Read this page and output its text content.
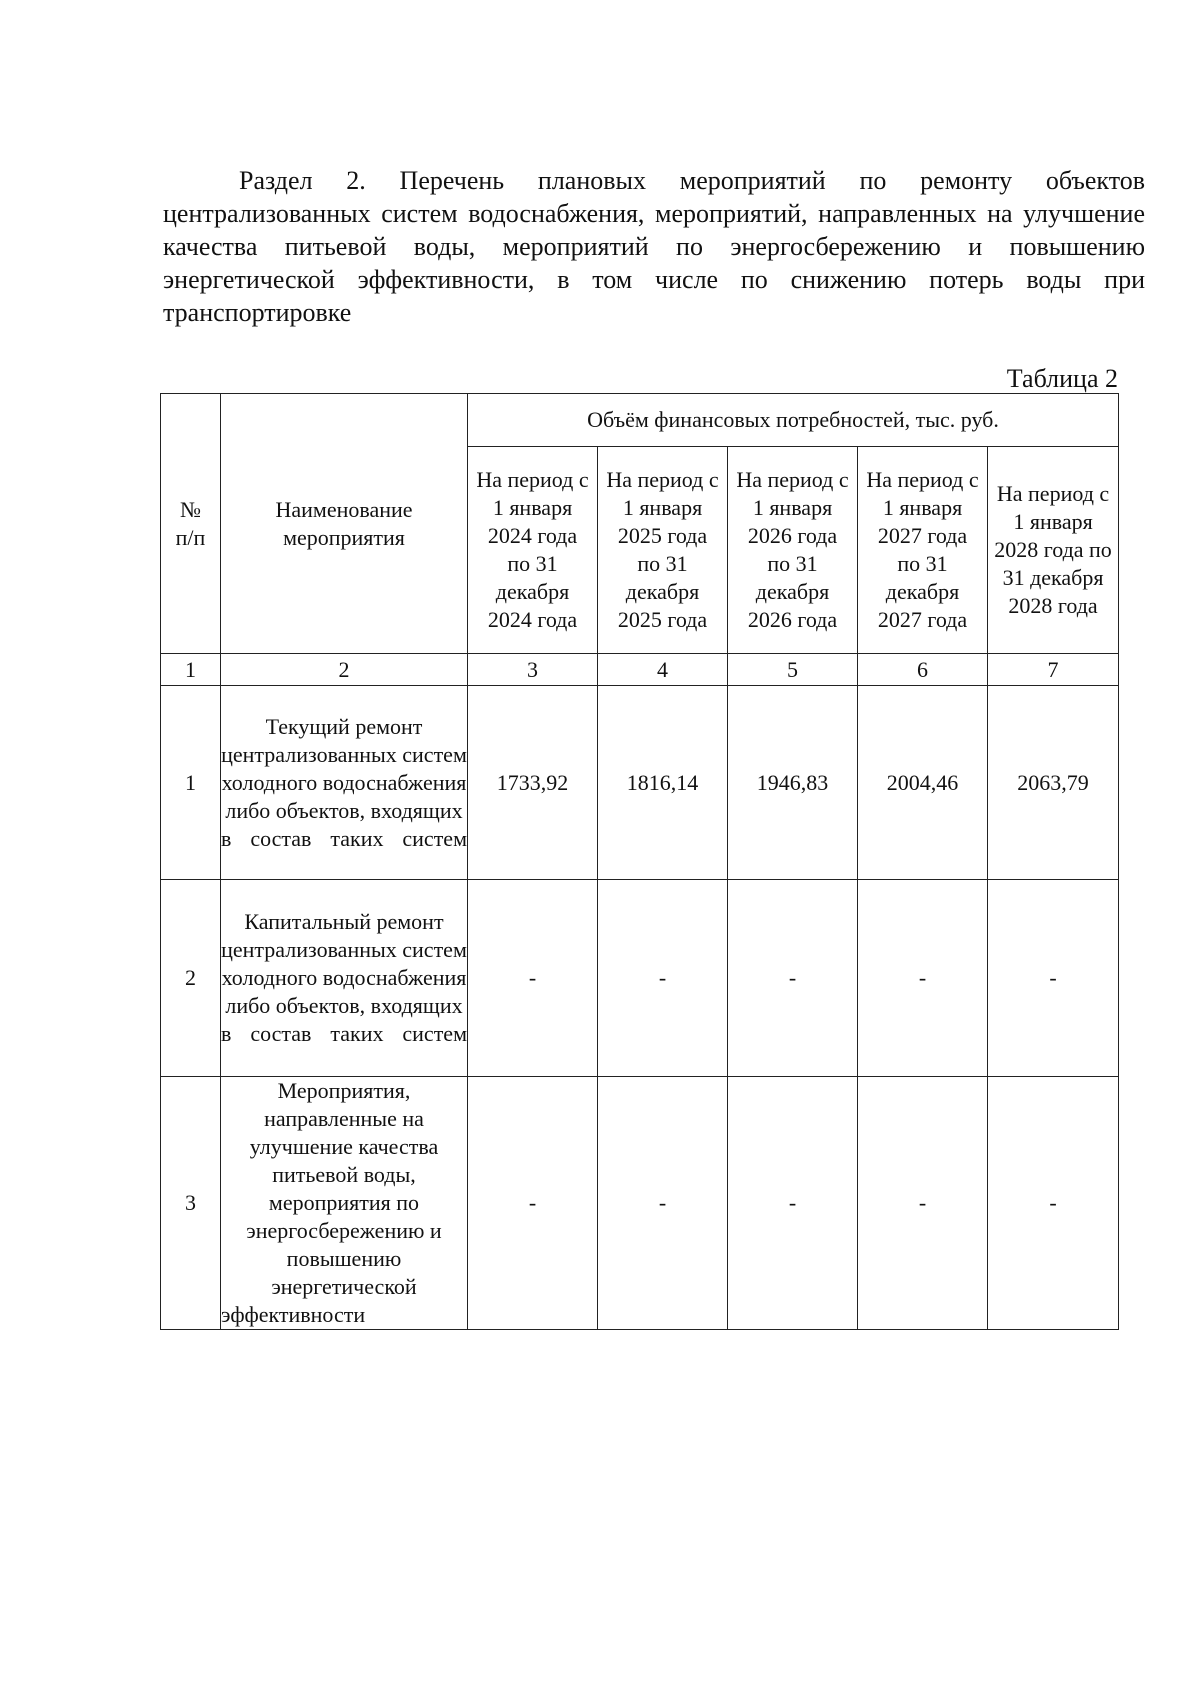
Раздел 2. Перечень плановых мероприятий по ремонту объектов централизованных систем водоснабжения, мероприятий, направленных на улучшение качества питьевой воды, мероприятий по энергосбережению и повышению энергетической эффективности, в том числе по снижению потерь воды при транспортировке

Таблица 2
№ п/п	Наименование мероприятия	Объём финансовых потребностей, тыс. руб.				

		На период с 1 января 2024 года по 31 декабря 2024 года	На период с 1 января 2025 года по 31 декабря 2025 года	На период с 1 января 2026 года по 31 декабря 2026 года	На период с 1 января 2027 года по 31 декабря 2027 года	На период с 1 января 2028 года по 31 декабря 2028 года

1	2	3	4	5	6	7
1	Текущий ремонт централизованных систем холодного водоснабжения либо объектов, входящих в состав таких систем	1733,92	1816,14	1946,83	2004,46	2063,79
2	Капитальный ремонт централизованных систем холодного водоснабжения либо объектов, входящих в состав таких систем	-	-	-	-	-
3	Мероприятия, направленные на улучшение качества питьевой воды, мероприятия по энергосбережению и повышению энергетической эффективности	-	-	-	-	-
